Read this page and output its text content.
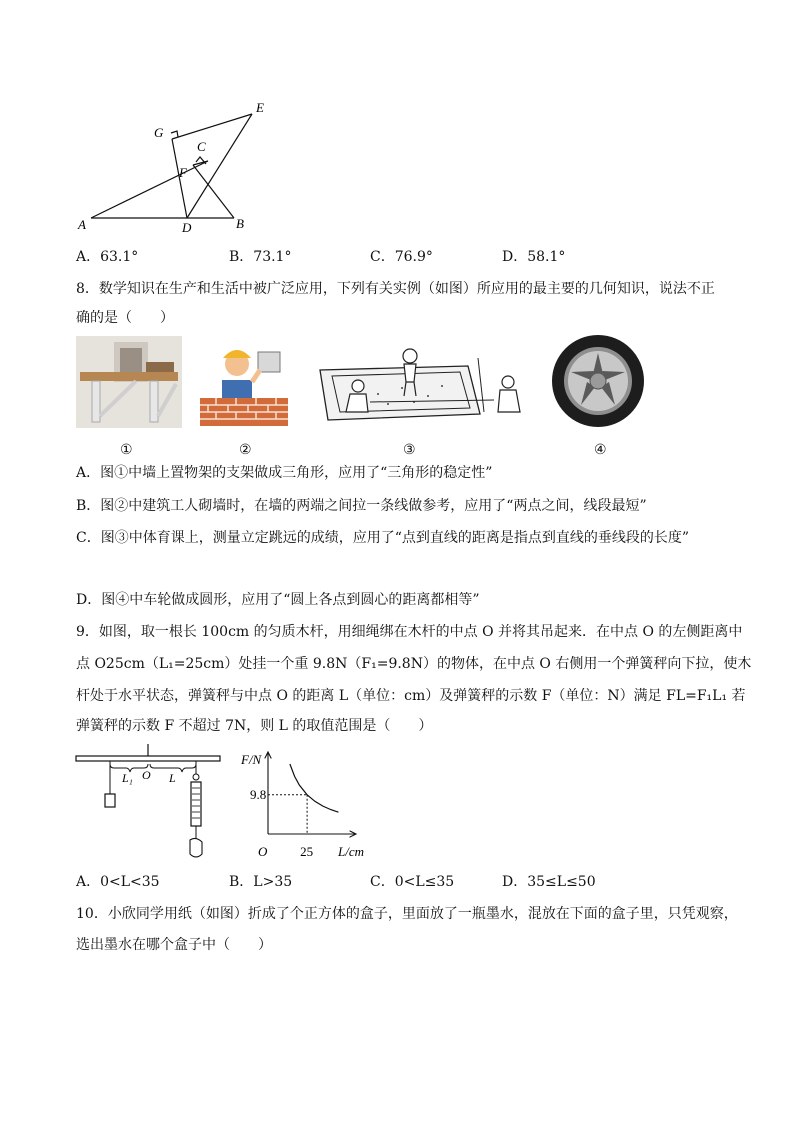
A	B
C
D
E
F
G
A．63.1°	B．73.1°	C．76.9°	D．58.1°
8．数学知识在生产和生活中被广泛应用，下列有关实例（如图）所应用的最主要的几何知识，说法不正
确的是（　　）
①	②	③	④
A．图①中墙上置物架的支架做成三角形，应用了“三角形的稳定性”
B．图②中建筑工人砌墙时，在墙的两端之间拉一条线做参考，应用了“两点之间，线段最短”
C．图③中体育课上，测量立定跳远的成绩，应用了“点到直线的距离是指点到直线的垂线段的长度”
D．图④中车轮做成圆形，应用了“圆上各点到圆心的距离都相等”
9．如图，取一根长 100cm 的匀质木杆，用细绳绑在木杆的中点 O 并将其吊起来．在中点 O 的左侧距离中
点 O25cm（L₁=25cm）处挂一个重 9.8N（F₁=9.8N）的物体，在中点 O 右侧用一个弹簧秤向下拉，使木
杆处于水平状态，弹簧秤与中点 O 的距离 L（单位：cm）及弹簧秤的示数 F（单位：N）满足 FL=F₁L₁ 若
弹簧秤的示数 F 不超过 7N，则 L 的取值范围是（　　）
L₁ O L
F/N
L/cm
O
9.8
25
A．0<L<35	B．L>35	C．0<L≤35	D．35≤L≤50
10．小欣同学用纸（如图）折成了个正方体的盒子，里面放了一瓶墨水，混放在下面的盒子里，只凭观察，
选出墨水在哪个盒子中（　　）
